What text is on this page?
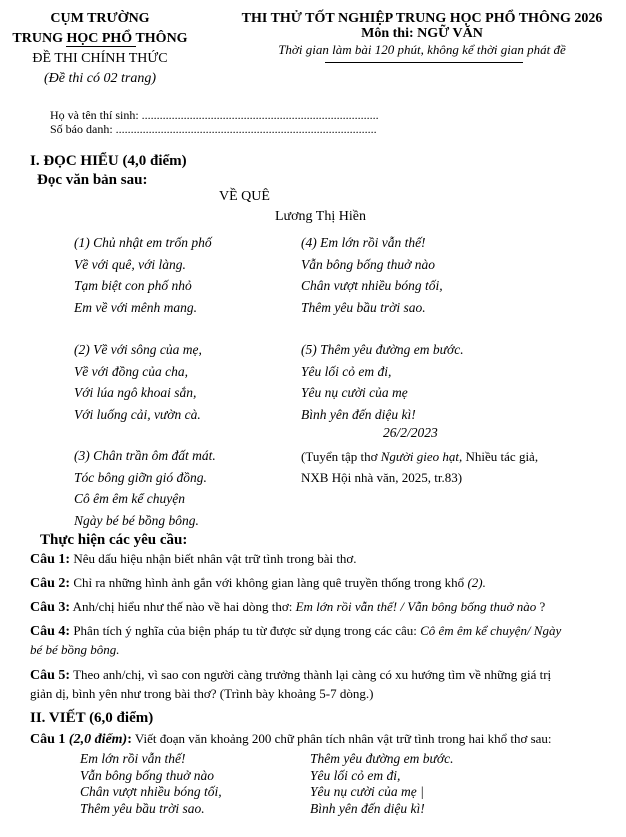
CỤM TRƯỜNG
TRUNG HỌC PHỔ THÔNG
ĐỀ THI CHÍNH THỨC
(Đề thi có 02 trang)
THI THỬ TỐT NGHIỆP TRUNG HỌC PHỔ THÔNG 2026
Môn thi: NGỮ VĂN
Thời gian làm bài 120 phút, không kể thời gian phát đề
Họ và tên thí sinh: ...............................................................................
Số báo danh: .......................................................................................
I. ĐỌC HIỂU (4,0 điểm)
Đọc văn bản sau:
VỀ QUÊ
Lương Thị Hiền
(1) Chủ nhật em trốn phố
Về với quê, với làng.
Tạm biệt con phố nhỏ
Em về với mênh mang.
(2) Về với sông của mẹ,
Về với đồng của cha,
Với lúa ngô khoai sắn,
Với luống cải, vườn cà.
(3) Chân trần ôm đất mát.
Tóc bông giỡn gió đồng.
Cô êm êm kể chuyện
Ngày bé bé bồng bông.
(4) Em lớn rồi vẫn thế!
Vẫn bông bống thuở nào
Chân vượt nhiều bóng tối,
Thêm yêu bầu trời sao.
(5) Thêm yêu đường em bước.
Yêu lối cỏ em đi,
Yêu nụ cười của mẹ
Bình yên đến diệu kì!
26/2/2023
(Tuyển tập thơ Người gieo hạt, Nhiều tác giả,
NXB Hội nhà văn, 2025, tr.83)
Thực hiện các yêu cầu:
Câu 1: Nêu dấu hiệu nhận biết nhân vật trữ tình trong bài thơ.
Câu 2: Chỉ ra những hình ảnh gắn với không gian làng quê truyền thống trong khổ (2).
Câu 3: Anh/chị hiểu như thế nào về hai dòng thơ: Em lớn rồi vẫn thế! / Vẫn bông bống thuở nào ?
Câu 4: Phân tích ý nghĩa của biện pháp tu từ được sử dụng trong các câu: Cô êm êm kể chuyện/ Ngày
bé bé bồng bông.
Câu 5: Theo anh/chị, vì sao con người càng trưởng thành lại càng có xu hướng tìm về những giá trị
giản dị, bình yên như trong bài thơ? (Trình bày khoảng 5-7 dòng.)
II. VIẾT (6,0 điểm)
Câu 1 (2,0 điểm): Viết đoạn văn khoảng 200 chữ phân tích nhân vật trữ tình trong hai khổ thơ sau:
Em lớn rồi vẫn thế!
Vẫn bông bống thuở nào
Chân vượt nhiều bóng tối,
Thêm yêu bầu trời sao.
Thêm yêu đường em bước.
Yêu lối cỏ em đi,
Yêu nụ cười của mẹ |
Bình yên đến diệu kì!
